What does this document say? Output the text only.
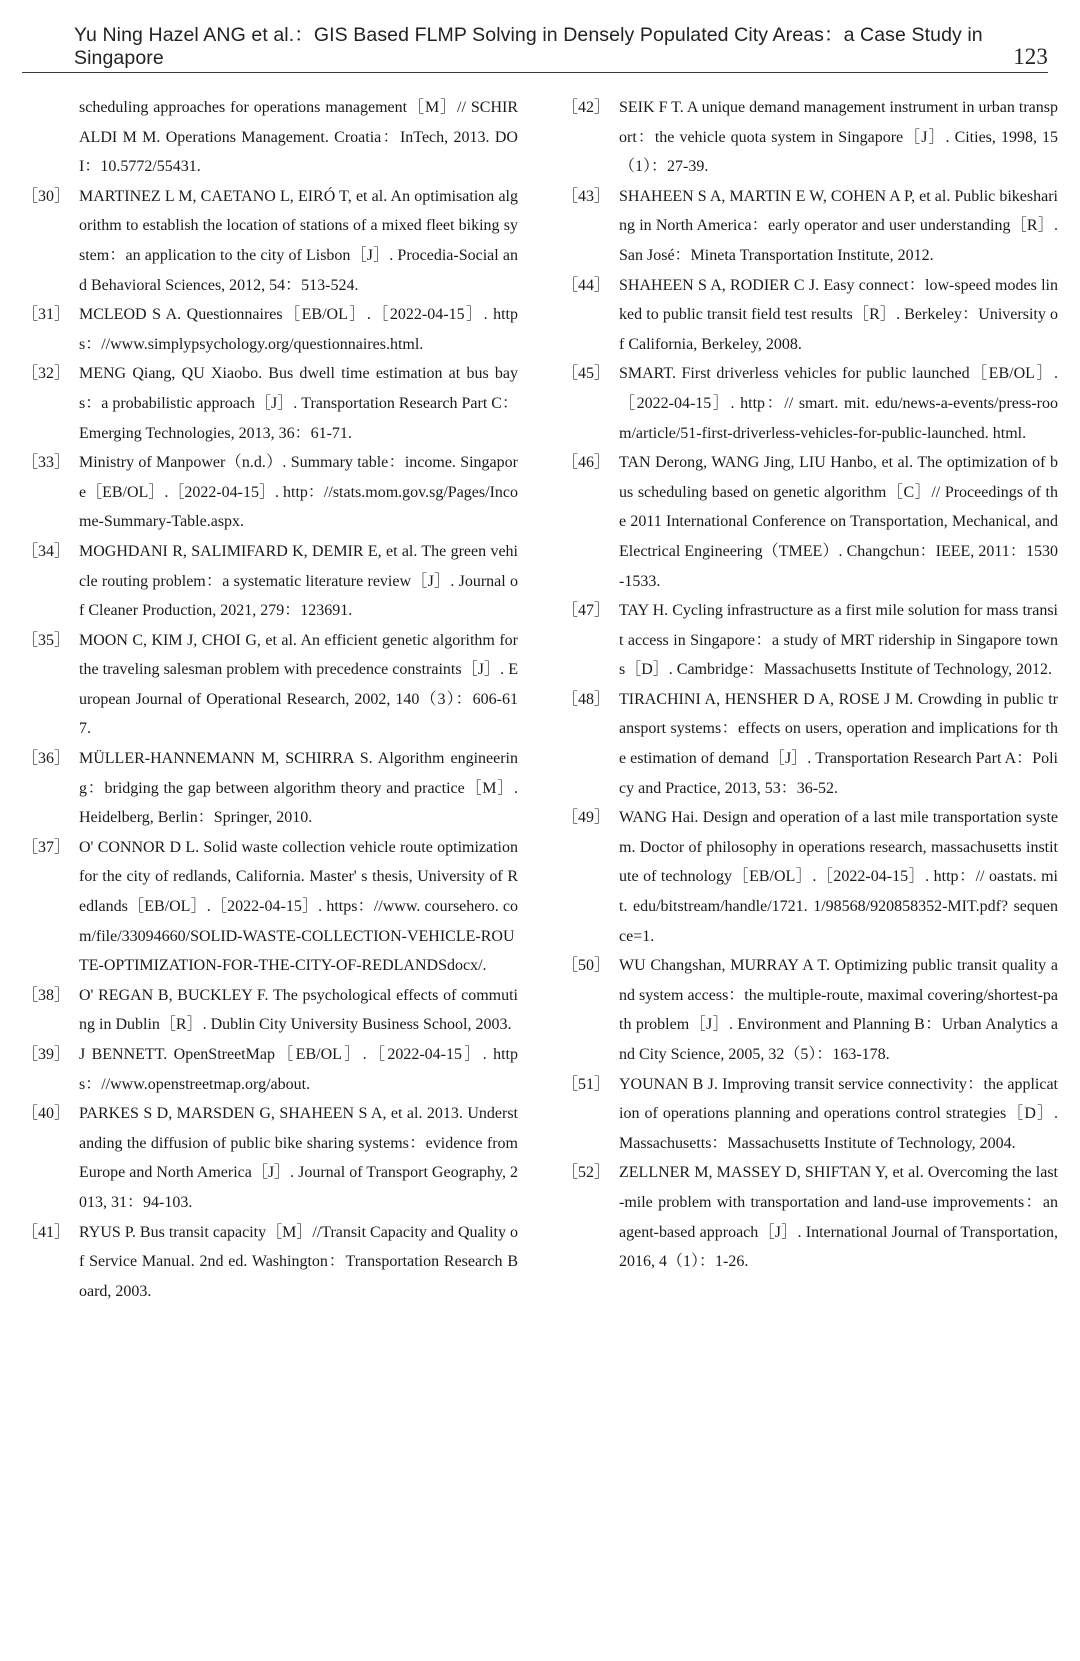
Yu Ning Hazel ANG et al.：GIS Based FLMP Solving in Densely Populated City Areas：a Case Study in Singapore	123
scheduling approaches for operations management［M］// SCHIRALDI M M. Operations Management. Croatia：InTech, 2013. DOI：10.5772/55431.
［30］ MARTINEZ L M, CAETANO L, EIRÓ T, et al. An optimisation algorithm to establish the location of stations of a mixed fleet biking system：an application to the city of Lisbon［J］. Procedia-Social and Behavioral Sciences, 2012, 54：513-524.
［31］ MCLEOD S A. Questionnaires［EB/OL］.［2022-04-15］. https：//www.simplypsychology.org/questionnaires.html.
［32］ MENG Qiang, QU Xiaobo. Bus dwell time estimation at bus bays：a probabilistic approach［J］. Transportation Research Part C：Emerging Technologies, 2013, 36：61-71.
［33］ Ministry of Manpower（n.d.）. Summary table：income. Singapore［EB/OL］.［2022-04-15］. http：//stats.mom.gov.sg/Pages/Income-Summary-Table.aspx.
［34］ MOGHDANI R, SALIMIFARD K, DEMIR E, et al. The green vehicle routing problem：a systematic literature review［J］. Journal of Cleaner Production, 2021, 279：123691.
［35］ MOON C, KIM J, CHOI G, et al. An efficient genetic algorithm for the traveling salesman problem with precedence constraints［J］. European Journal of Operational Research, 2002, 140（3）：606-617.
［36］ MÜLLER-HANNEMANN M, SCHIRRA S. Algorithm engineering：bridging the gap between algorithm theory and practice［M］. Heidelberg, Berlin：Springer, 2010.
［37］ O' CONNOR D L. Solid waste collection vehicle route optimization for the city of redlands, California. Master' s thesis, University of Redlands［EB/OL］.［2022-04-15］. https：//www. coursehero. com/file/33094660/SOLID-WASTE-COLLECTION-VEHICLE-ROUTE-OPTIMIZATION-FOR-THE-CITY-OF-REDLANDSdocx/.
［38］ O' REGAN B, BUCKLEY F. The psychological effects of commuting in Dublin［R］. Dublin City University Business School, 2003.
［39］ J BENNETT. OpenStreetMap［EB/OL］.［2022-04-15］. https：//www.openstreetmap.org/about.
［40］ PARKES S D, MARSDEN G, SHAHEEN S A, et al. 2013. Understanding the diffusion of public bike sharing systems：evidence from Europe and North America［J］. Journal of Transport Geography, 2013, 31：94-103.
［41］ RYUS P. Bus transit capacity［M］//Transit Capacity and Quality of Service Manual. 2nd ed. Washington：Transportation Research Board, 2003.
［42］ SEIK F T. A unique demand management instrument in urban transport：the vehicle quota system in Singapore［J］. Cities, 1998, 15（1）：27-39.
［43］ SHAHEEN S A, MARTIN E W, COHEN A P, et al. Public bikesharing in North America：early operator and user understanding［R］. San José：Mineta Transportation Institute, 2012.
［44］ SHAHEEN S A, RODIER C J. Easy connect：low-speed modes linked to public transit field test results［R］. Berkeley：University of California, Berkeley, 2008.
［45］ SMART. First driverless vehicles for public launched［EB/OL］.［2022-04-15］. http：// smart. mit. edu/news-a-events/press-room/article/51-first-driverless-vehicles-for-public-launched. html.
［46］ TAN Derong, WANG Jing, LIU Hanbo, et al. The optimization of bus scheduling based on genetic algorithm［C］// Proceedings of the 2011 International Conference on Transportation, Mechanical, and Electrical Engineering（TMEE）. Changchun：IEEE, 2011：1530-1533.
［47］ TAY H. Cycling infrastructure as a first mile solution for mass transit access in Singapore：a study of MRT ridership in Singapore towns［D］. Cambridge：Massachusetts Institute of Technology, 2012.
［48］ TIRACHINI A, HENSHER D A, ROSE J M. Crowding in public transport systems：effects on users, operation and implications for the estimation of demand［J］. Transportation Research Part A：Policy and Practice, 2013, 53：36-52.
［49］ WANG Hai. Design and operation of a last mile transportation system. Doctor of philosophy in operations research, massachusetts institute of technology［EB/OL］.［2022-04-15］. http：// oastats. mit. edu/bitstream/handle/1721. 1/98568/920858352-MIT.pdf? sequence=1.
［50］ WU Changshan, MURRAY A T. Optimizing public transit quality and system access：the multiple-route, maximal covering/shortest-path problem［J］. Environment and Planning B：Urban Analytics and City Science, 2005, 32（5）：163-178.
［51］ YOUNAN B J. Improving transit service connectivity：the application of operations planning and operations control strategies［D］.Massachusetts：Massachusetts Institute of Technology, 2004.
［52］ ZELLNER M, MASSEY D, SHIFTAN Y, et al. Overcoming the last-mile problem with transportation and land-use improvements：an agent-based approach［J］. International Journal of Transportation, 2016, 4（1）：1-26.
